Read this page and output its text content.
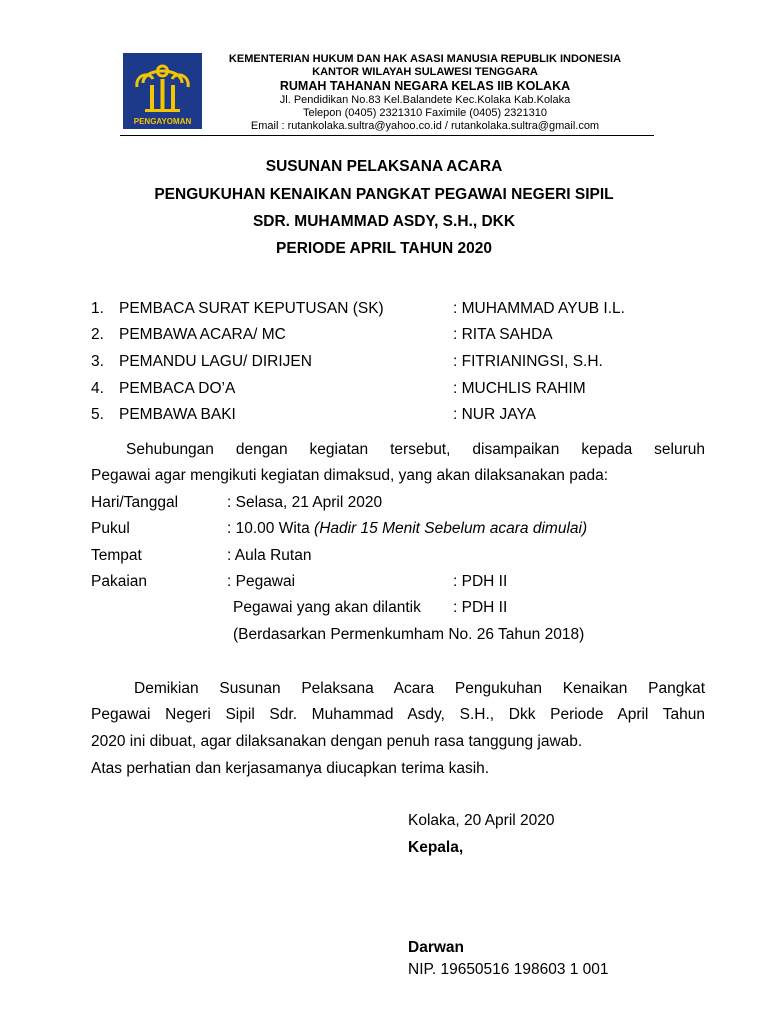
PENGAYOMAN
KEMENTERIAN HUKUM DAN HAK ASASI MANUSIA REPUBLIK INDONESIA
KANTOR WILAYAH SULAWESI TENGGARA
RUMAH TAHANAN NEGARA KELAS IIB KOLAKA
Jl. Pendidikan No.83 Kel.Balandete Kec.Kolaka Kab.Kolaka
Telepon (0405) 2321310 Faximile (0405) 2321310
Email : rutankolaka.sultra@yahoo.co.id / rutankolaka.sultra@gmail.com
SUSUNAN PELAKSANA ACARA
PENGUKUHAN KENAIKAN PANGKAT PEGAWAI NEGERI SIPIL
SDR. MUHAMMAD ASDY, S.H., DKK
PERIODE APRIL TAHUN 2020
1. PEMBACA SURAT KEPUTUSAN (SK)	: MUHAMMAD AYUB I.L.
2. PEMBAWA ACARA/ MC	: RITA SAHDA
3. PEMANDU LAGU/ DIRIJEN	: FITRIANINGSI, S.H.
4. PEMBACA DO’A	: MUCHLIS RAHIM
5. PEMBAWA BAKI	: NUR JAYA
Sehubungan dengan kegiatan tersebut, disampaikan kepada seluruh
Pegawai agar mengikuti kegiatan dimaksud, yang akan dilaksanakan pada:
Hari/Tanggal	: Selasa, 21 April 2020
Pukul	: 10.00 Wita (Hadir 15 Menit Sebelum acara dimulai)
Tempat	: Aula Rutan
Pakaian	: Pegawai	: PDH II
Pegawai yang akan dilantik : PDH II
(Berdasarkan Permenkumham No. 26 Tahun 2018)
Demikian Susunan Pelaksana Acara Pengukuhan Kenaikan Pangkat
Pegawai Negeri Sipil Sdr. Muhammad Asdy, S.H., Dkk Periode April Tahun
2020 ini dibuat, agar dilaksanakan dengan penuh rasa tanggung jawab.
Atas perhatian dan kerjasamanya diucapkan terima kasih.
Kolaka, 20 April 2020
Kepala,
Darwan
NIP. 19650516 198603 1 001
